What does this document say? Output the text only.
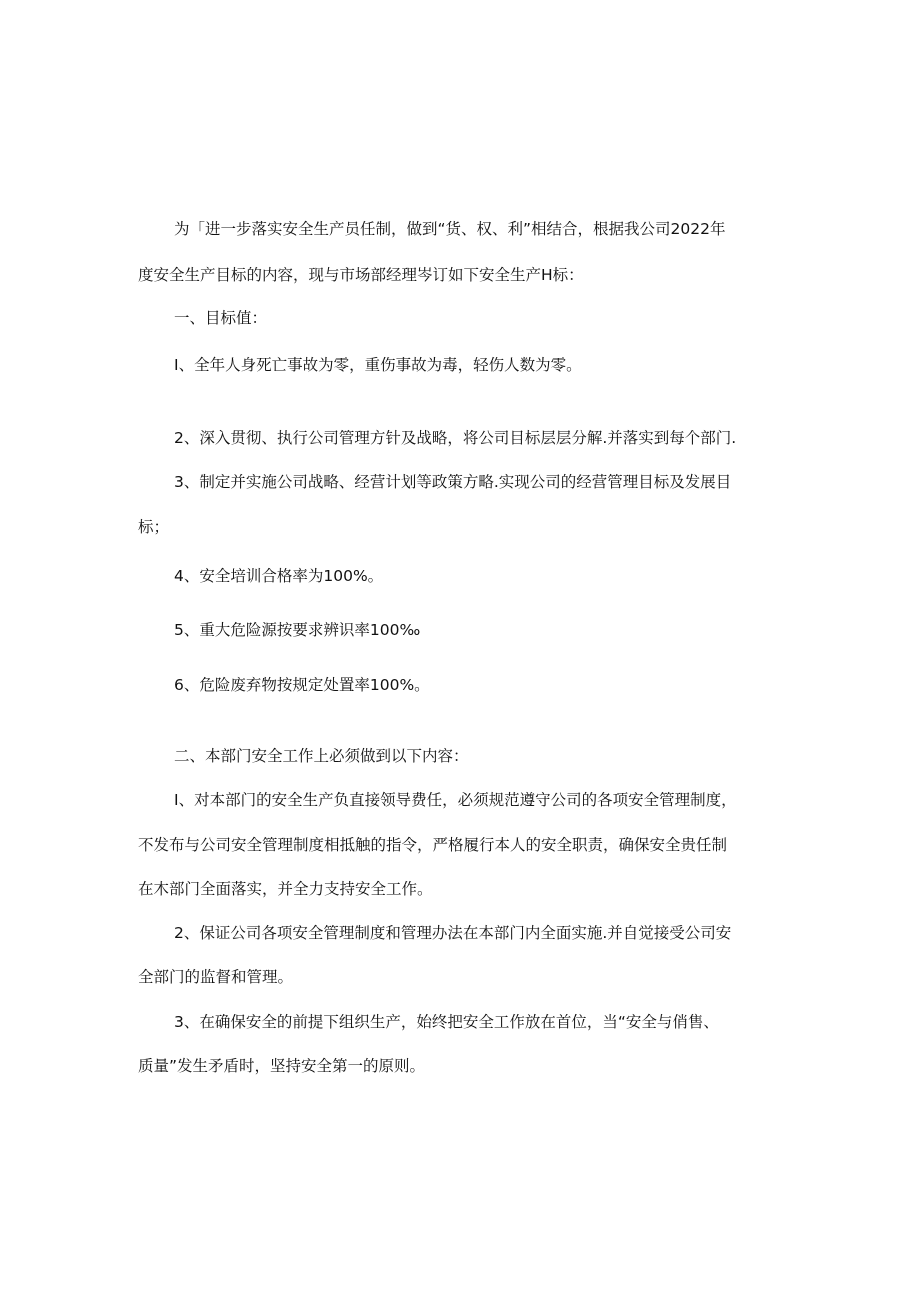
为「进一步落实安全生产员任制，做到“货、权、利”相结合，根据我公司2022年
度安全生产目标的内容，现与市场部经理岑订如下安全生产H标：
一、目标值：
I、全年人身死亡事故为零，重伤事故为毒，轻伤人数为零。
2、深入贯彻、执行公司管理方针及战略，将公司目标层层分解.并落实到每个部门.
3、制定并实施公司战略、经营计划等政策方略.实现公司的经营管理目标及发展目
标；
4、安全培训合格率为100%。
5、重大危险源按要求辨识率100‰
6、危险废弃物按规定处置率100%。
二、本部门安全工作上必须做到以下内容：
I、对本部门的安全生产负直接领导费任，必须规范遵守公司的各项安全管理制度，
不发布与公司安全管理制度相抵触的指令，严格履行本人的安全职责，确保安全贵任制
在木部门全面落实，并全力支持安全工作。
2、保证公司各项安全管理制度和管理办法在本部门内全面实施.并自觉接受公司安
全部门的监督和管理。
3、在确保安全的前提下组织生产，始终把安全工作放在首位，当“安全与俏售、
质量”发生矛盾时，坚持安全第一的原则。
